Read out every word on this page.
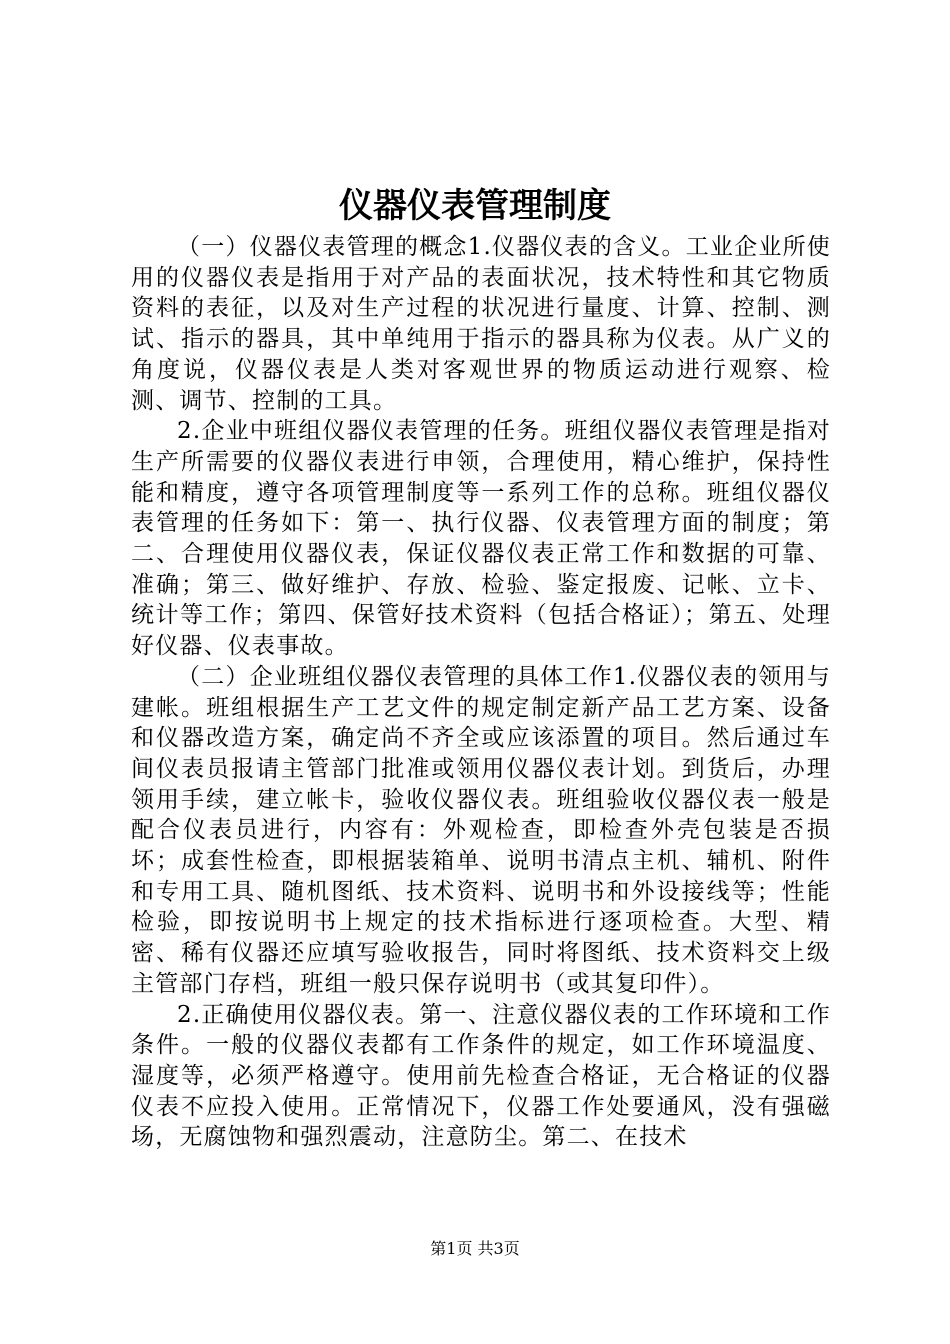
仪器仪表管理制度

（一）仪器仪表管理的概念1.仪器仪表的含义。工业企业所使用的仪器仪表是指用于对产品的表面状况，技术特性和其它物质资料的表征，以及对生产过程的状况进行量度、计算、控制、测试、指示的器具，其中单纯用于指示的器具称为仪表。从广义的角度说，仪器仪表是人类对客观世界的物质运动进行观察、检测、调节、控制的工具。

2.企业中班组仪器仪表管理的任务。班组仪器仪表管理是指对生产所需要的仪器仪表进行申领，合理使用，精心维护，保持性能和精度，遵守各项管理制度等一系列工作的总称。班组仪器仪表管理的任务如下：第一、执行仪器、仪表管理方面的制度；第二、合理使用仪器仪表，保证仪器仪表正常工作和数据的可靠、准确；第三、做好维护、存放、检验、鉴定报废、记帐、立卡、统计等工作；第四、保管好技术资料（包括合格证）；第五、处理好仪器、仪表事故。

（二）企业班组仪器仪表管理的具体工作1.仪器仪表的领用与建帐。班组根据生产工艺文件的规定制定新产品工艺方案、设备和仪器改造方案，确定尚不齐全或应该添置的项目。然后通过车间仪表员报请主管部门批准或领用仪器仪表计划。到货后，办理领用手续，建立帐卡，验收仪器仪表。班组验收仪器仪表一般是配合仪表员进行，内容有：外观检查，即检查外壳包装是否损坏；成套性检查，即根据装箱单、说明书清点主机、辅机、附件和专用工具、随机图纸、技术资料、说明书和外设接线等；性能检验，即按说明书上规定的技术指标进行逐项检查。大型、精密、稀有仪器还应填写验收报告，同时将图纸、技术资料交上级主管部门存档，班组一般只保存说明书（或其复印件）。

2.正确使用仪器仪表。第一、注意仪器仪表的工作环境和工作条件。一般的仪器仪表都有工作条件的规定，如工作环境温度、湿度等，必须严格遵守。使用前先检查合格证，无合格证的仪器仪表不应投入使用。正常情况下，仪器工作处要通风，没有强磁场，无腐蚀物和强烈震动，注意防尘。第二、在技术

第1页 共3页
